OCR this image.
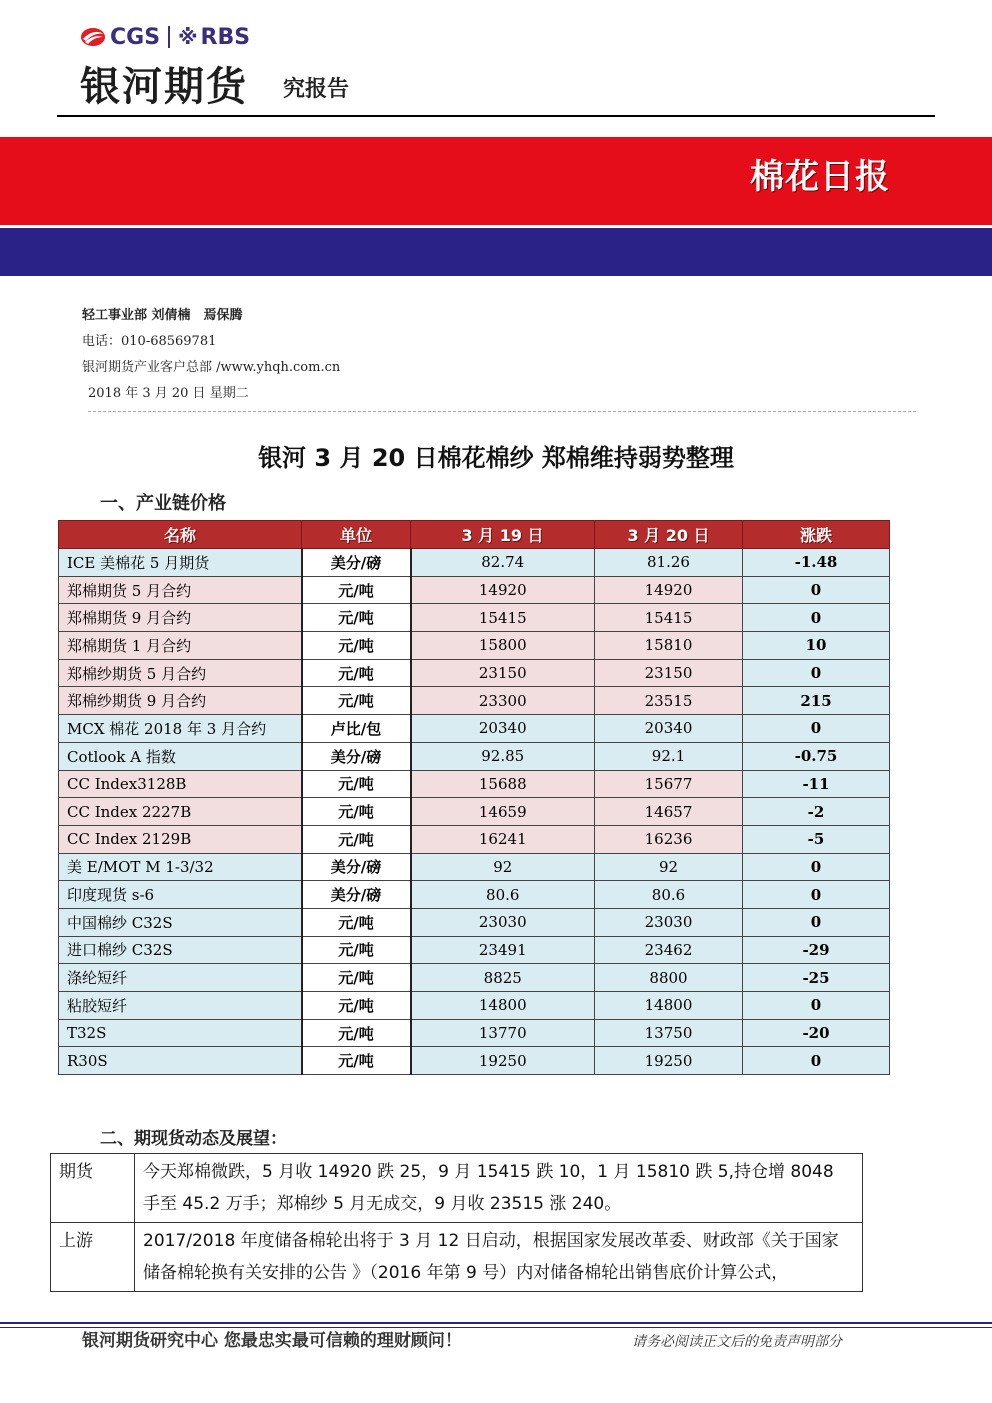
CGS ※ RBS
银河期货 究报告
棉花日报
轻工事业部 刘倩楠　焉保腾
电话：010-68569781
银河期货产业客户总部 /www.yhqh.com.cn
2018 年 3 月 20 日 星期二
银河 3 月 20 日棉花棉纱 郑棉维持弱势整理
一、产业链价格
名称	单位	3 月 19 日	3 月 20 日	涨跌
ICE 美棉花 5 月期货	美分/磅	82.74	81.26	-1.48
郑棉期货 5 月合约	元/吨	14920	14920	0
郑棉期货 9 月合约	元/吨	15415	15415	0
郑棉期货 1 月合约	元/吨	15800	15810	10
郑棉纱期货 5 月合约	元/吨	23150	23150	0
郑棉纱期货 9 月合约	元/吨	23300	23515	215
MCX 棉花 2018 年 3 月合约	卢比/包	20340	20340	0
Cotlook A 指数	美分/磅	92.85	92.1	-0.75
CC Index3128B	元/吨	15688	15677	-11
CC Index 2227B	元/吨	14659	14657	-2
CC Index 2129B	元/吨	16241	16236	-5
美 E/MOT M 1-3/32	美分/磅	92	92	0
印度现货 s-6	美分/磅	80.6	80.6	0
中国棉纱 C32S	元/吨	23030	23030	0
进口棉纱 C32S	元/吨	23491	23462	-29
涤纶短纤	元/吨	8825	8800	-25
粘胶短纤	元/吨	14800	14800	0
T32S	元/吨	13770	13750	-20
R30S	元/吨	19250	19250	0
二、期现货动态及展望：
期货	今天郑棉微跌，5 月收 14920 跌 25，9 月 15415 跌 10，1 月 15810 跌 5,持仓增 8048 手至 45.2 万手；郑棉纱 5 月无成交，9 月收 23515 涨 240。
上游	2017/2018 年度储备棉轮出将于 3 月 12 日启动，根据国家发展改革委、财政部《关于国家储备棉轮换有关安排的公告 》（2016 年第 9 号）内对储备棉轮出销售底价计算公式，
银河期货研究中心 您最忠实最可信赖的理财顾问！	请务必阅读正文后的免责声明部分
